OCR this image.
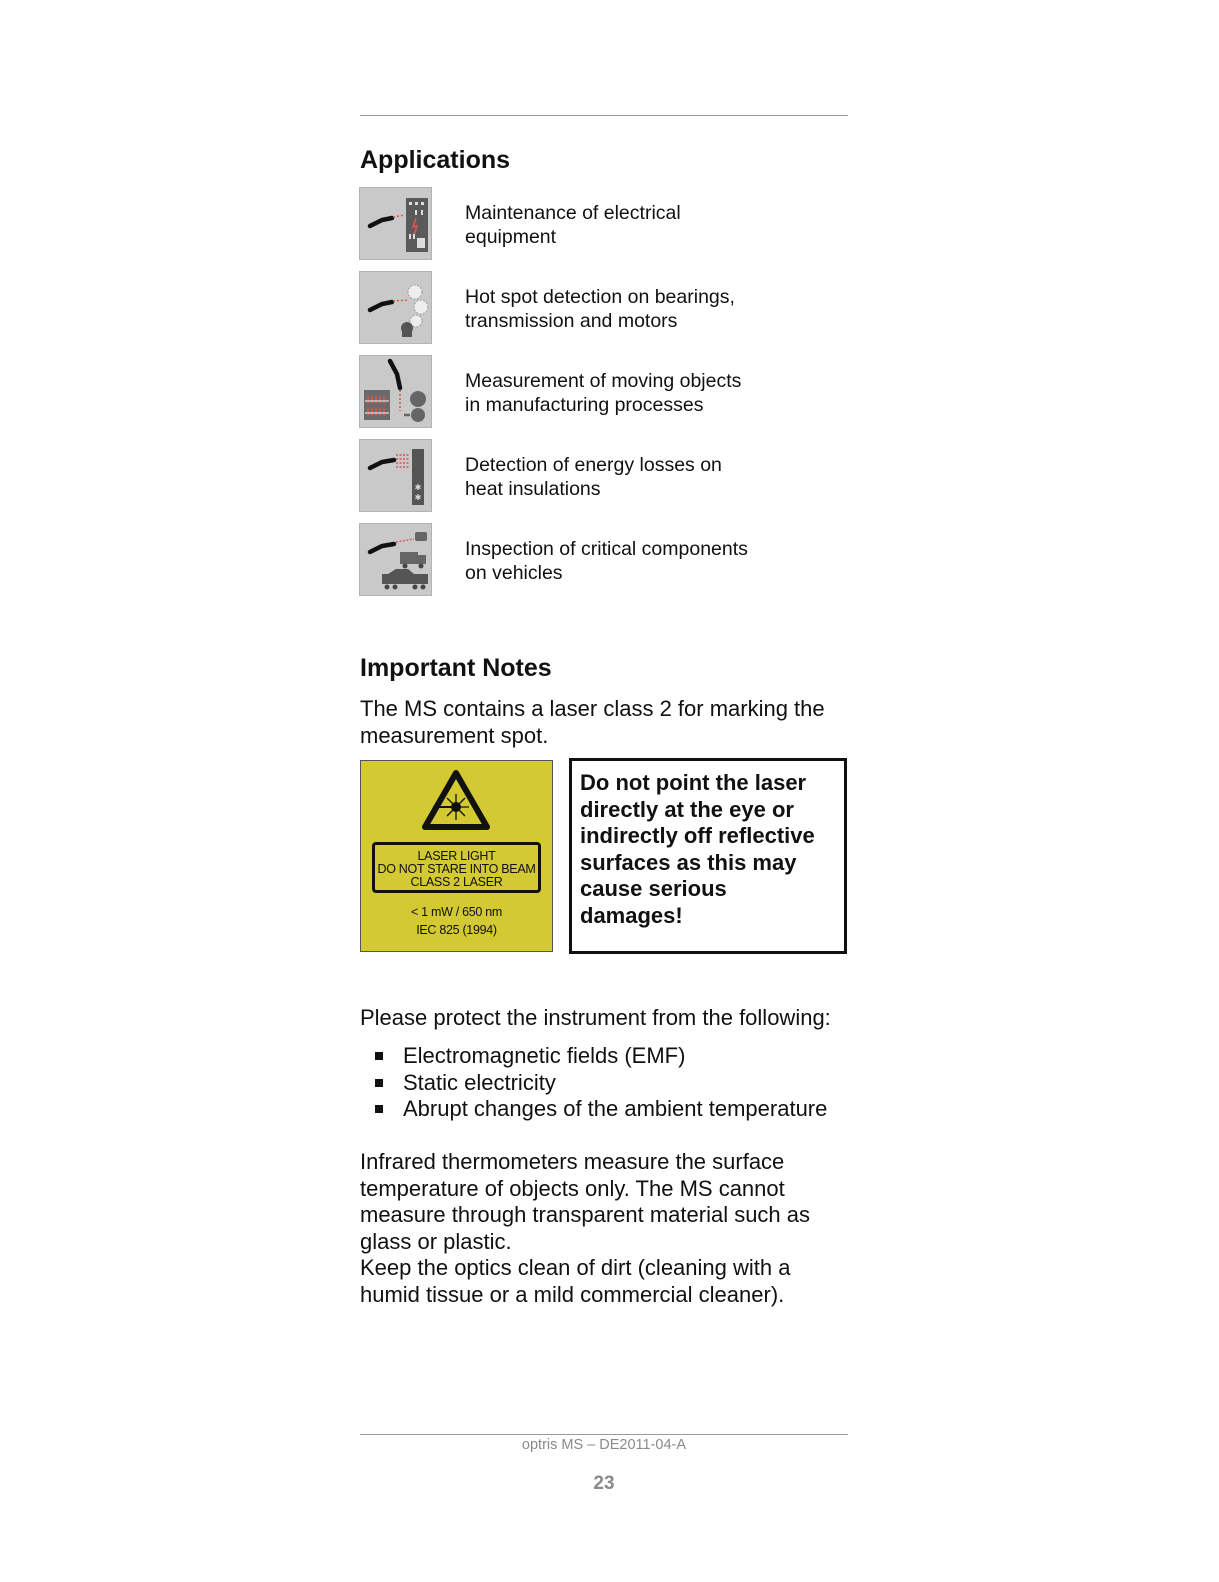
Applications
Maintenance of electrical
equipment
Hot spot detection on bearings,
transmission and motors
Measurement of moving objects
in manufacturing processes
✱
✱
Detection of energy losses on
heat insulations
Inspection of critical components
on vehicles
Important Notes
The MS contains a laser class 2 for marking the
measurement spot.
LASER LIGHT
DO NOT STARE INTO BEAM
CLASS 2 LASER
< 1 mW / 650 nm
IEC 825 (1994)
Do not point the laser
directly at the eye or
indirectly off reflective
surfaces as this may
cause serious
damages!
Please protect the instrument from the following:
Electromagnetic fields (EMF)
Static electricity
Abrupt changes of the ambient temperature
Infrared thermometers measure the surface
temperature of objects only. The MS cannot
measure through transparent material such as
glass or plastic.
Keep the optics clean of dirt (cleaning with a
humid tissue or a mild commercial cleaner).
optris MS – DE2011-04-A
23
